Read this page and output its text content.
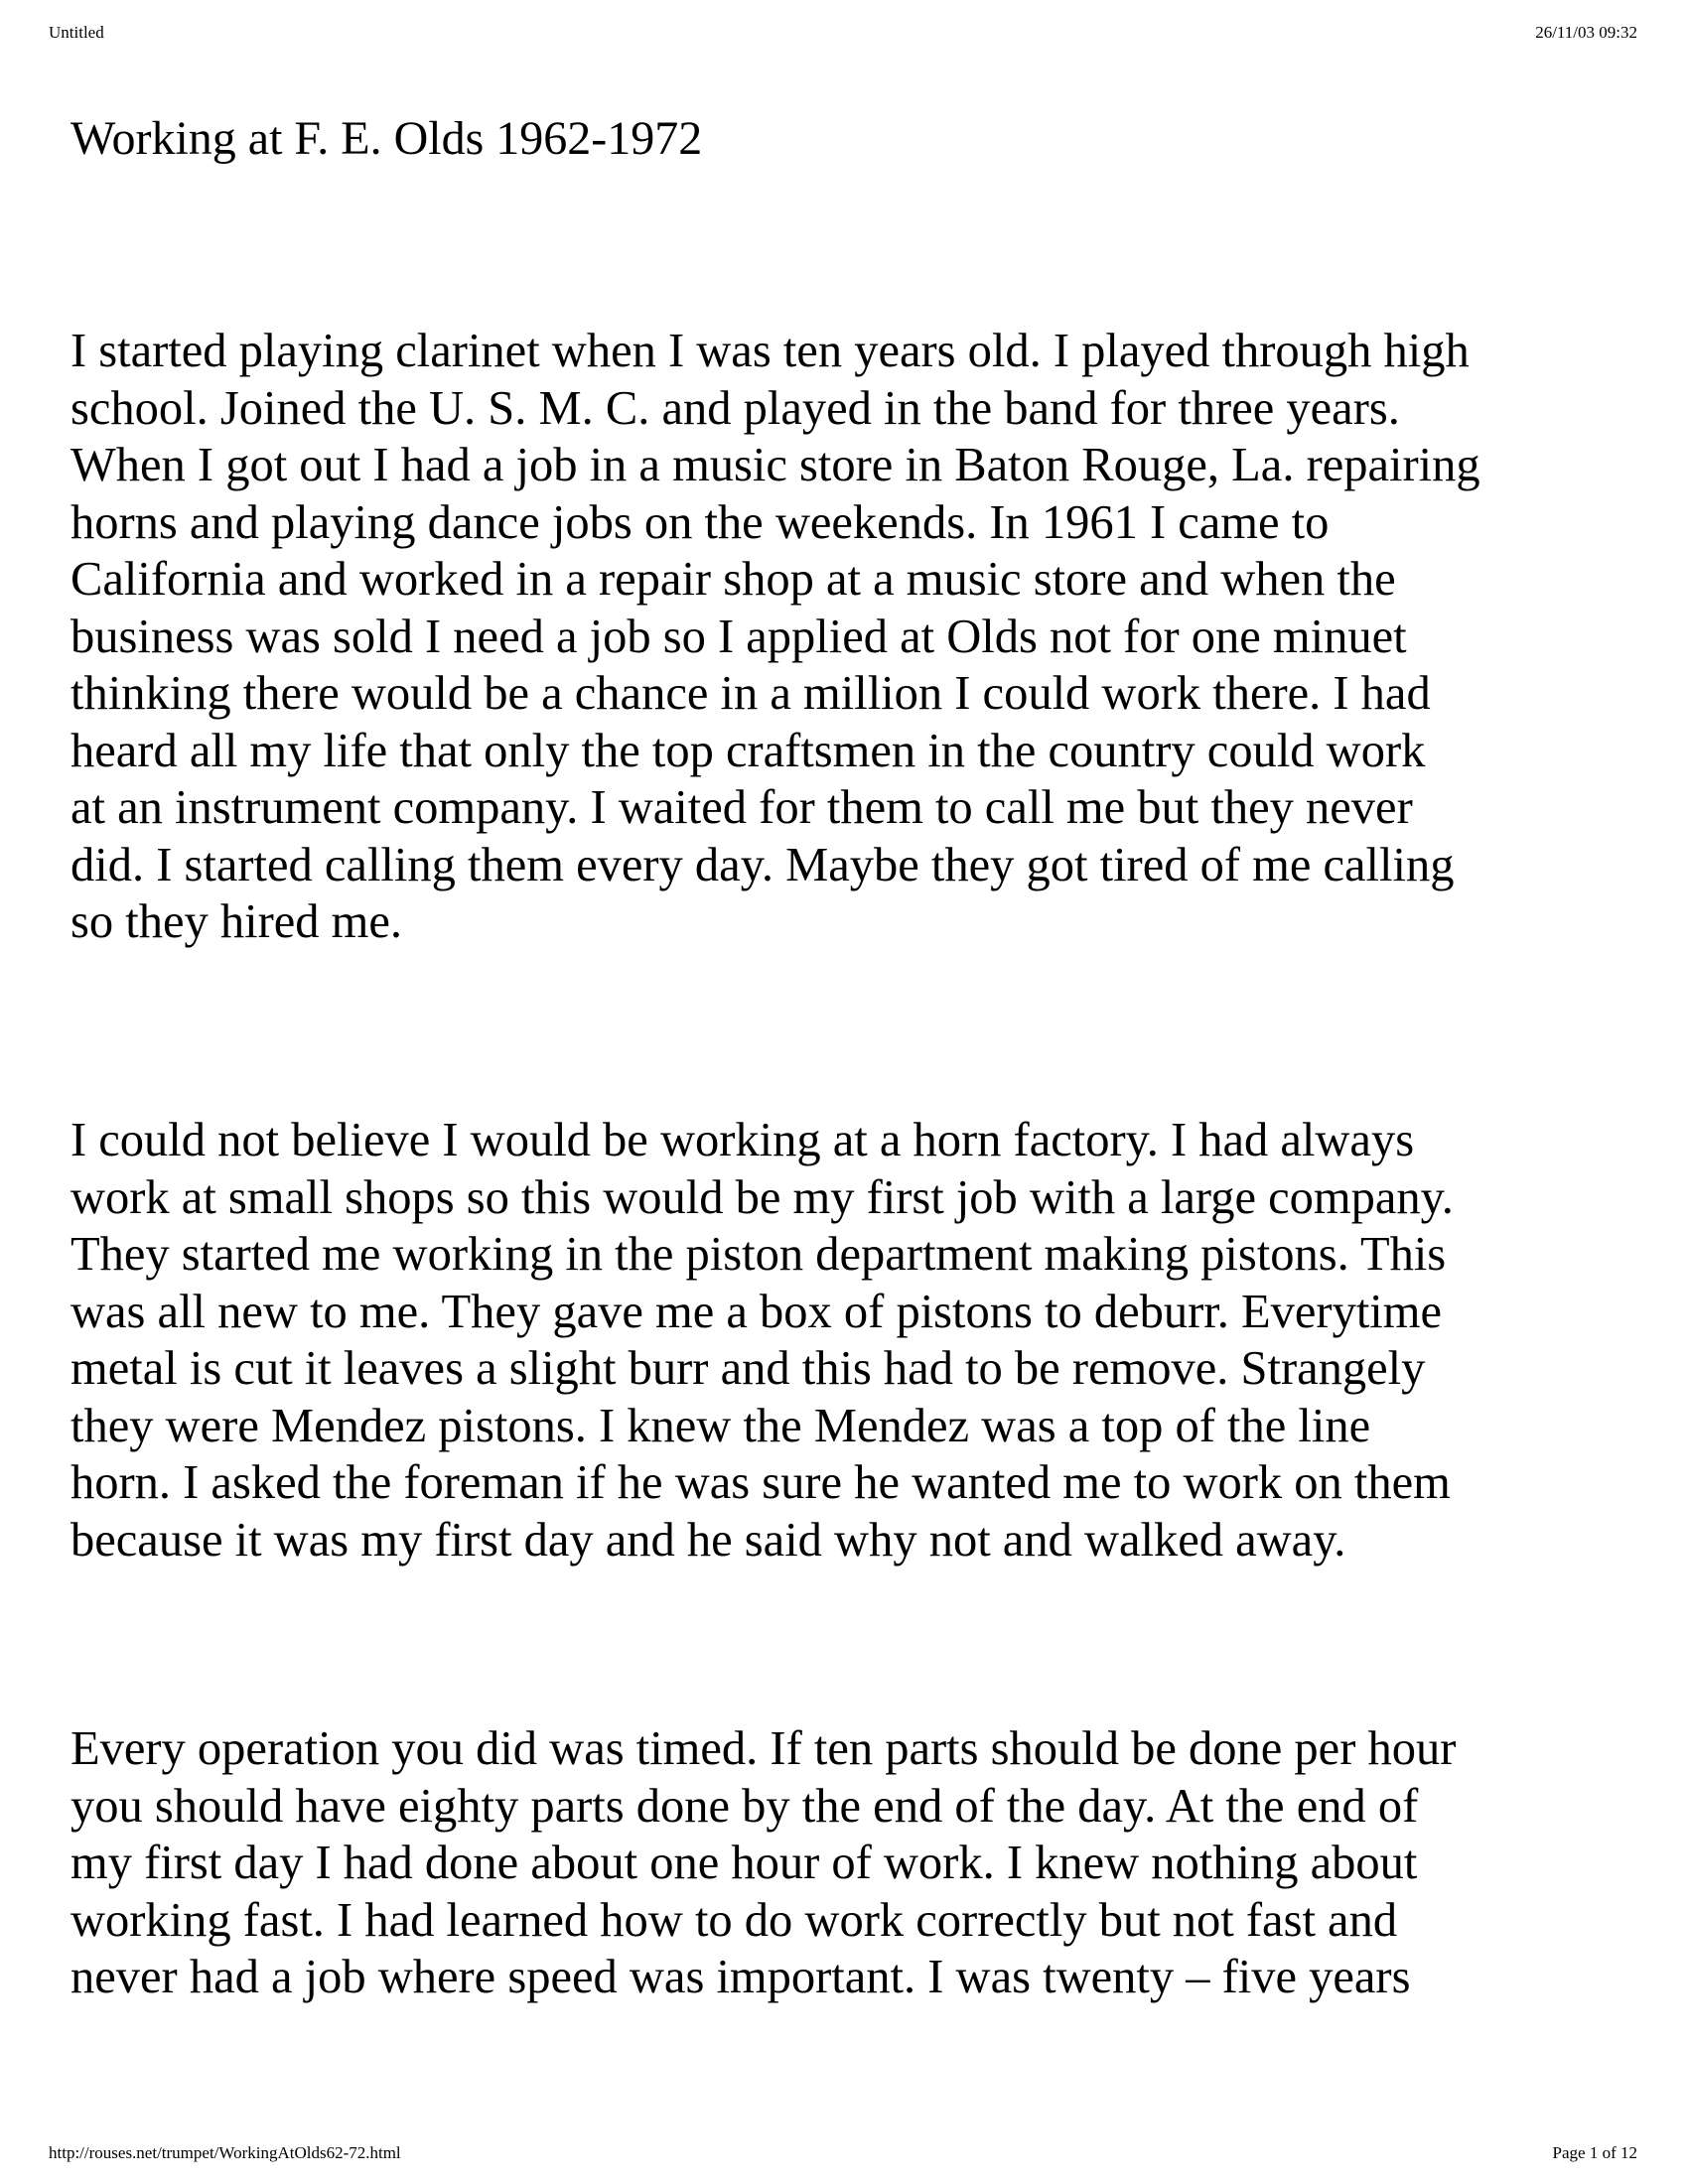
Untitled	26/11/03 09:32
Working at F. E. Olds 1962-1972

I started playing clarinet when I was ten years old. I played through high
school. Joined the U. S. M. C. and played in the band for three years.
When I got out I had a job in a music store in Baton Rouge, La. repairing
horns and playing dance jobs on the weekends. In 1961 I came to
California and worked in a repair shop at a music store and when the
business was sold I need a job so I applied at Olds not for one minuet
thinking there would be a chance in a million I could work there. I had
heard all my life that only the top craftsmen in the country could work
at an instrument company. I waited for them to call me but they never
did. I started calling them every day. Maybe they got tired of me calling
so they hired me.

I could not believe I would be working at a horn factory. I had always
work at small shops so this would be my first job with a large company.
They started me working in the piston department making pistons. This
was all new to me. They gave me a box of pistons to deburr. Everytime
metal is cut it leaves a slight burr and this had to be remove. Strangely
they were Mendez pistons. I knew the Mendez was a top of the line
horn. I asked the foreman if he was sure he wanted me to work on them
because it was my first day and he said why not and walked away.

Every operation you did was timed. If ten parts should be done per hour
you should have eighty parts done by the end of the day. At the end of
my first day I had done about one hour of work. I knew nothing about
working fast. I had learned how to do work correctly but not fast and
never had a job where speed was important. I was twenty – five years

http://rouses.net/trumpet/WorkingAtOlds62-72.html	Page 1 of 12
